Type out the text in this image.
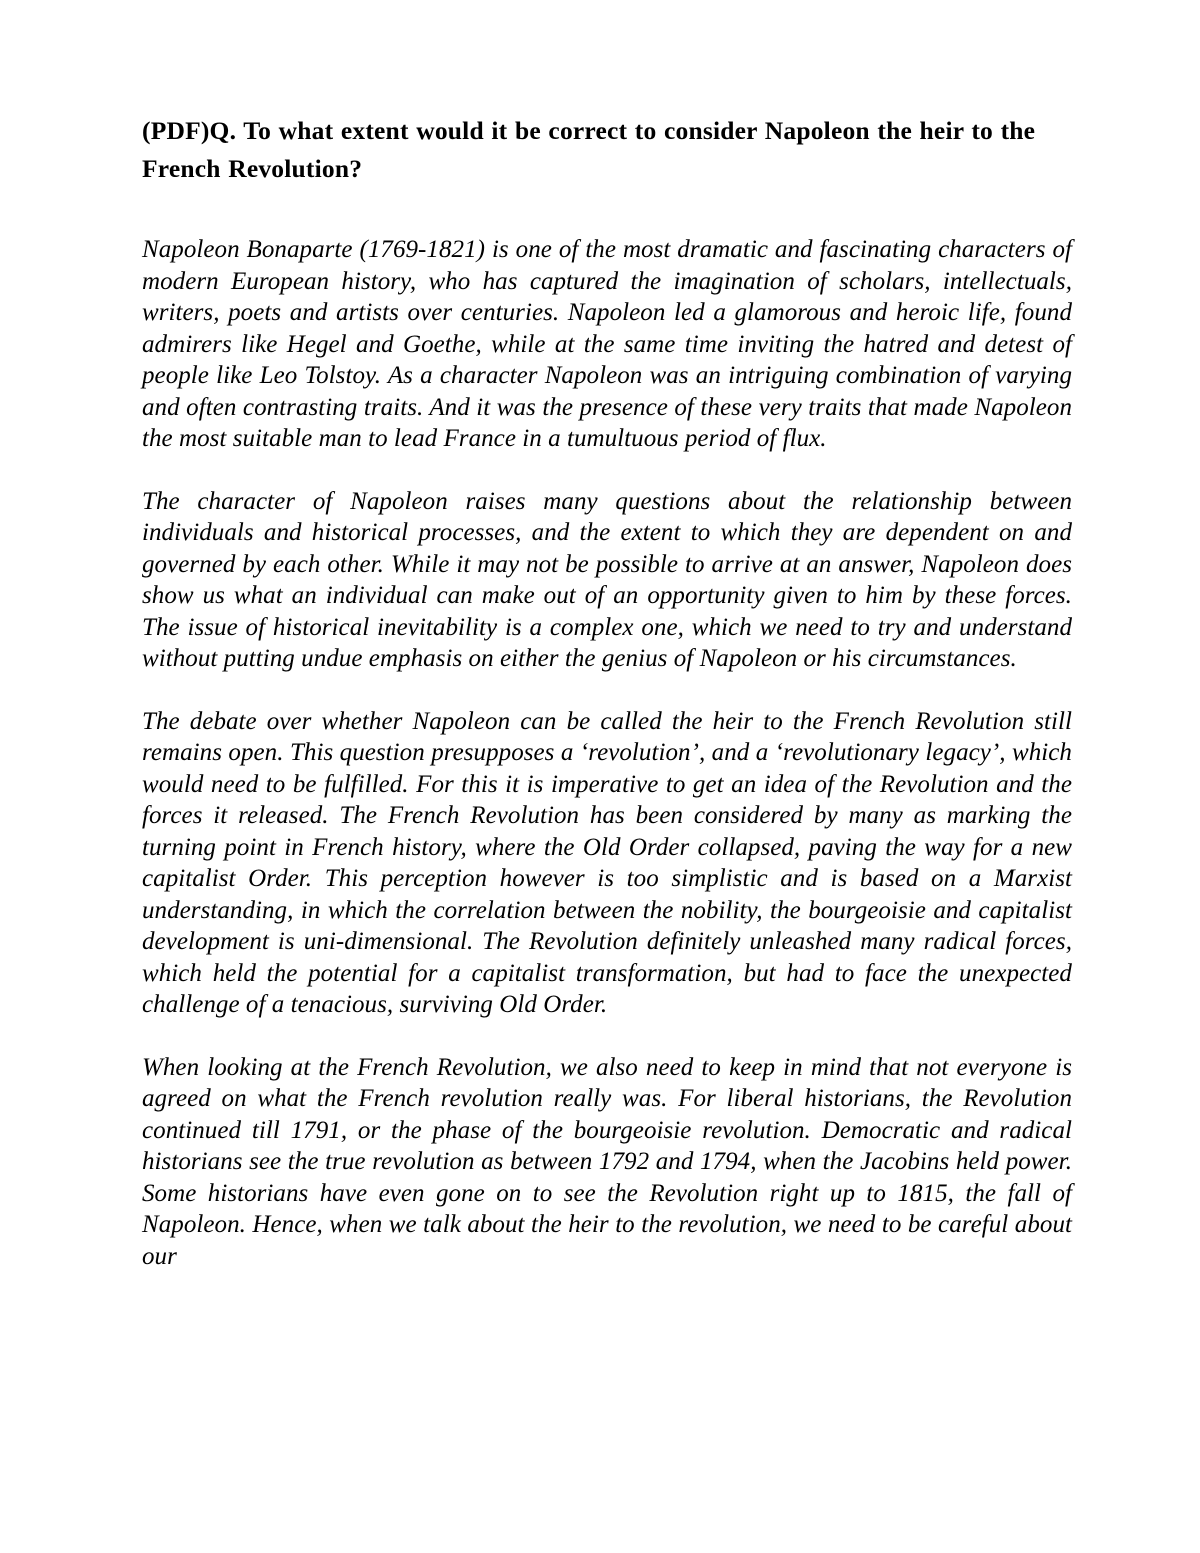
(PDF)Q. To what extent would it be correct to consider Napoleon the heir to the French Revolution?

Napoleon Bonaparte (1769-1821) is one of the most dramatic and fascinating characters of modern European history, who has captured the imagination of scholars, intellectuals, writers, poets and artists over centuries. Napoleon led a glamorous and heroic life, found admirers like Hegel and Goethe, while at the same time inviting the hatred and detest of people like Leo Tolstoy. As a character Napoleon was an intriguing combination of varying and often contrasting traits. And it was the presence of these very traits that made Napoleon the most suitable man to lead France in a tumultuous period of flux.

The character of Napoleon raises many questions about the relationship between individuals and historical processes, and the extent to which they are dependent on and governed by each other. While it may not be possible to arrive at an answer, Napoleon does show us what an individual can make out of an opportunity given to him by these forces. The issue of historical inevitability is a complex one, which we need to try and understand without putting undue emphasis on either the genius of Napoleon or his circumstances.

The debate over whether Napoleon can be called the heir to the French Revolution still remains open. This question presupposes a ‘revolution’, and a ‘revolutionary legacy’, which would need to be fulfilled. For this it is imperative to get an idea of the Revolution and the forces it released. The French Revolution has been considered by many as marking the turning point in French history, where the Old Order collapsed, paving the way for a new capitalist Order. This perception however is too simplistic and is based on a Marxist understanding, in which the correlation between the nobility, the bourgeoisie and capitalist development is uni-dimensional. The Revolution definitely unleashed many radical forces, which held the potential for a capitalist transformation, but had to face the unexpected challenge of a tenacious, surviving Old Order.

When looking at the French Revolution, we also need to keep in mind that not everyone is agreed on what the French revolution really was. For liberal historians, the Revolution continued till 1791, or the phase of the bourgeoisie revolution. Democratic and radical historians see the true revolution as between 1792 and 1794, when the Jacobins held power. Some historians have even gone on to see the Revolution right up to 1815, the fall of Napoleon. Hence, when we talk about the heir to the revolution, we need to be careful about our
